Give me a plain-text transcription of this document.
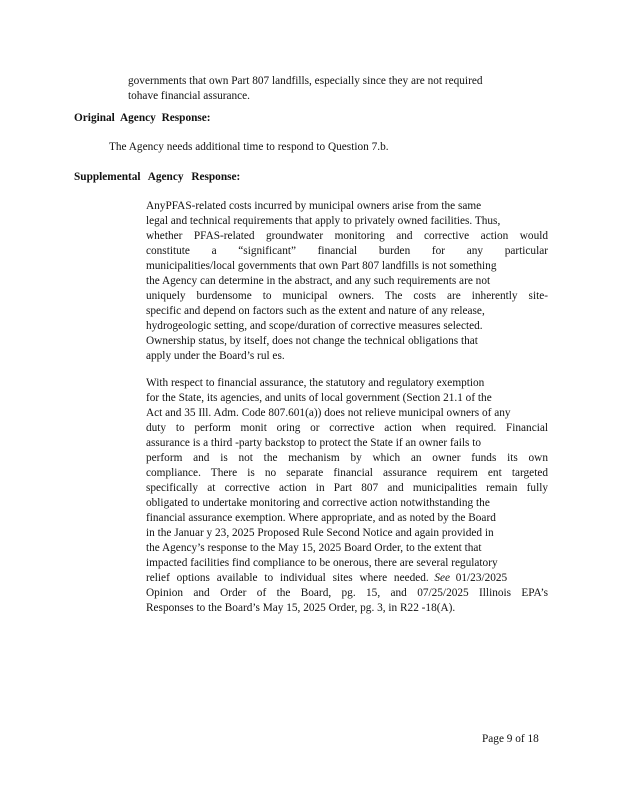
governments that own Part 807 landfills, especially since they are not required
tohave financial assurance.
Original Agency Response:
The Agency needs additional time to respond to Question 7.b.
Supplemental Agency Response:
AnyPFAS-related costs incurred by municipal owners arise from the same
legal and technical requirements that apply to privately owned facilities. Thus,
whether PFAS-related groundwater monitoring and corrective action would
constitute a “significant” financial burden for any particular
municipalities/local governments that own Part 807 landfills is not something
the Agency can determine in the abstract, and any such requirements are not
uniquely burdensome to municipal owners. The costs are inherently site-
specific and depend on factors such as the extent and nature of any release,
hydrogeologic setting, and scope/duration of corrective measures selected.
Ownership status, by itself, does not change the technical obligations that
apply under the Board’s rul es.
With respect to financial assurance, the statutory and regulatory exemption
for the State, its agencies, and units of local government (Section 21.1 of the
Act and 35 Ill. Adm. Code 807.601(a)) does not relieve municipal owners of any
duty to perform monit oring or corrective action when required. Financial
assurance is a third -party backstop to protect the State if an owner fails to
perform and is not the mechanism by which an owner funds its own
compliance. There is no separate financial assurance requirem ent targeted
specifically at corrective action in Part 807 and municipalities remain fully
obligated to undertake monitoring and corrective action notwithstanding the
financial assurance exemption. Where appropriate, and as noted by the Board
in the Januar y 23, 2025 Proposed Rule Second Notice and again provided in
the Agency’s response to the May 15, 2025 Board Order, to the extent that
impacted facilities find compliance to be onerous, there are several regulatory
relief options available to individual sites where needed. See 01/23/2025
Opinion and Order of the Board, pg. 15, and 07/25/2025 Illinois EPA’s
Responses to the Board’s May 15, 2025 Order, pg. 3, in R22 -18(A).
Page 9 of 18
